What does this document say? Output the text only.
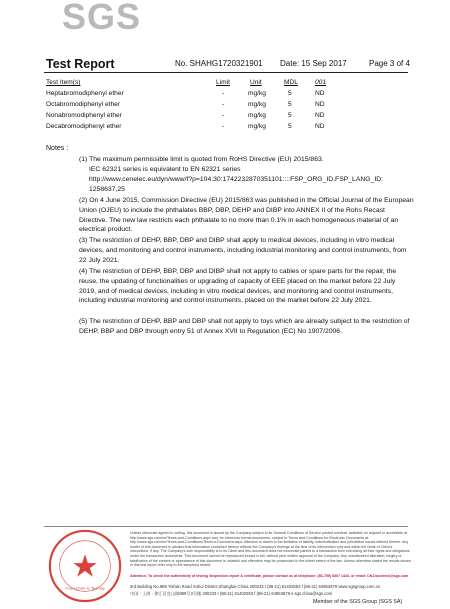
SGS
Test Report	No. SHAHG1720321901 Date: 15 Sep 2017	Page 3 of 4
Test Item(s)	Limit	Unit	MDL	001
Heptabromodiphenyl ether	-	mg/kg	5	ND
Octabromodiphenyl ether	-	mg/kg	5	ND
Nonabromodiphenyl ether	-	mg/kg	5	ND
Decabromodiphenyl ether	-	mg/kg	5	ND
Notes :
(1) The maximum permissible limit is quoted from RoHS Directive (EU) 2015/863.
IEC 62321 series is equivalent to EN 62321 series
http://www.cenelec.eu/dyn/www/f?p=104:30:1742232870351101::::FSP_ORG_ID,FSP_LANG_ID:
1258637,25
(2) On 4 June 2015, Commission Directive (EU) 2015/863 was published in the Official Journal of the European Union (OJEU) to include the phthalates BBP, DBP, DEHP and DIBP into ANNEX II of the Rohs Recast Directive. The new law restricts each phthalate to no more than 0.1% in each homogeneous material of an electrical product.
(3) The restriction of DEHP, BBP, DBP and DIBP shall apply to medical devices, including in vitro medical devices, and monitoring and control instruments, including industrial monitoring and control instruments, from 22 July 2021.
(4) The restriction of DEHP, BBP, DBP and DIBP shall not apply to cables or spare parts for the repair, the reuse, the updating of functionalities or upgrading of capacity of EEE placed on the market before 22 July 2019, and of medical devices, including in vitro medical devices, and monitoring and control instruments, including industrial monitoring and control instruments, placed on the market before 22 July 2021.
(5) The restriction of DEHP, BBP and DBP shall not apply to toys which are already subject to the restriction of DEHP, BBP and DBP through entry 51 of Annex XVII to Regulation (EC) No 1907/2006.
Inspection & Testing
Unless otherwise agreed in writing, this document is issued by the Company subject to its General Conditions of Service printed overleaf, available on request or accessible at http://www.sgs.com/en/Terms-and-Conditions.aspx and, for electronic format documents, subject to Terms and Conditions for Electronic Documents at http://www.sgs.com/en/Terms-and-Conditions/Terms-e-Document.aspx. Attention is drawn to the limitation of liability, indemnification and jurisdiction issues defined therein. Any holder of this document is advised that information contained hereon reflects the Company's findings at the time of its intervention only and within the limits of Client's instructions, if any. The Company's sole responsibility is to its Client and this document does not exonerate parties to a transaction from exercising all their rights and obligations under the transaction documents. This document cannot be reproduced except in full, without prior written approval of the Company. Any unauthorized alteration, forgery or falsification of the content or appearance of this document is unlawful and offenders may be prosecuted to the fullest extent of the law. Unless otherwise stated the results shown in this test report refer only to the sample(s) tested.
Attention: To check the authenticity of testing /inspection report & certificate, please contact us at telephone: (86-755) 8307 1443, or email: CN.Doccheck@sgs.com
3rd Building No.889 Yishan Road Xuhui District,Shanghai China 200233 t (86-21) 61402553 f (86-21) 64953679 www.sgsgroup.com.cn
中国 · 上海 · 徐汇区宜山路889号3号楼 200233 t (86-21) 61402553 f (86-21) 64953679 e sgs.china@sgs.com
Member of the SGS Group (SGS SA)
